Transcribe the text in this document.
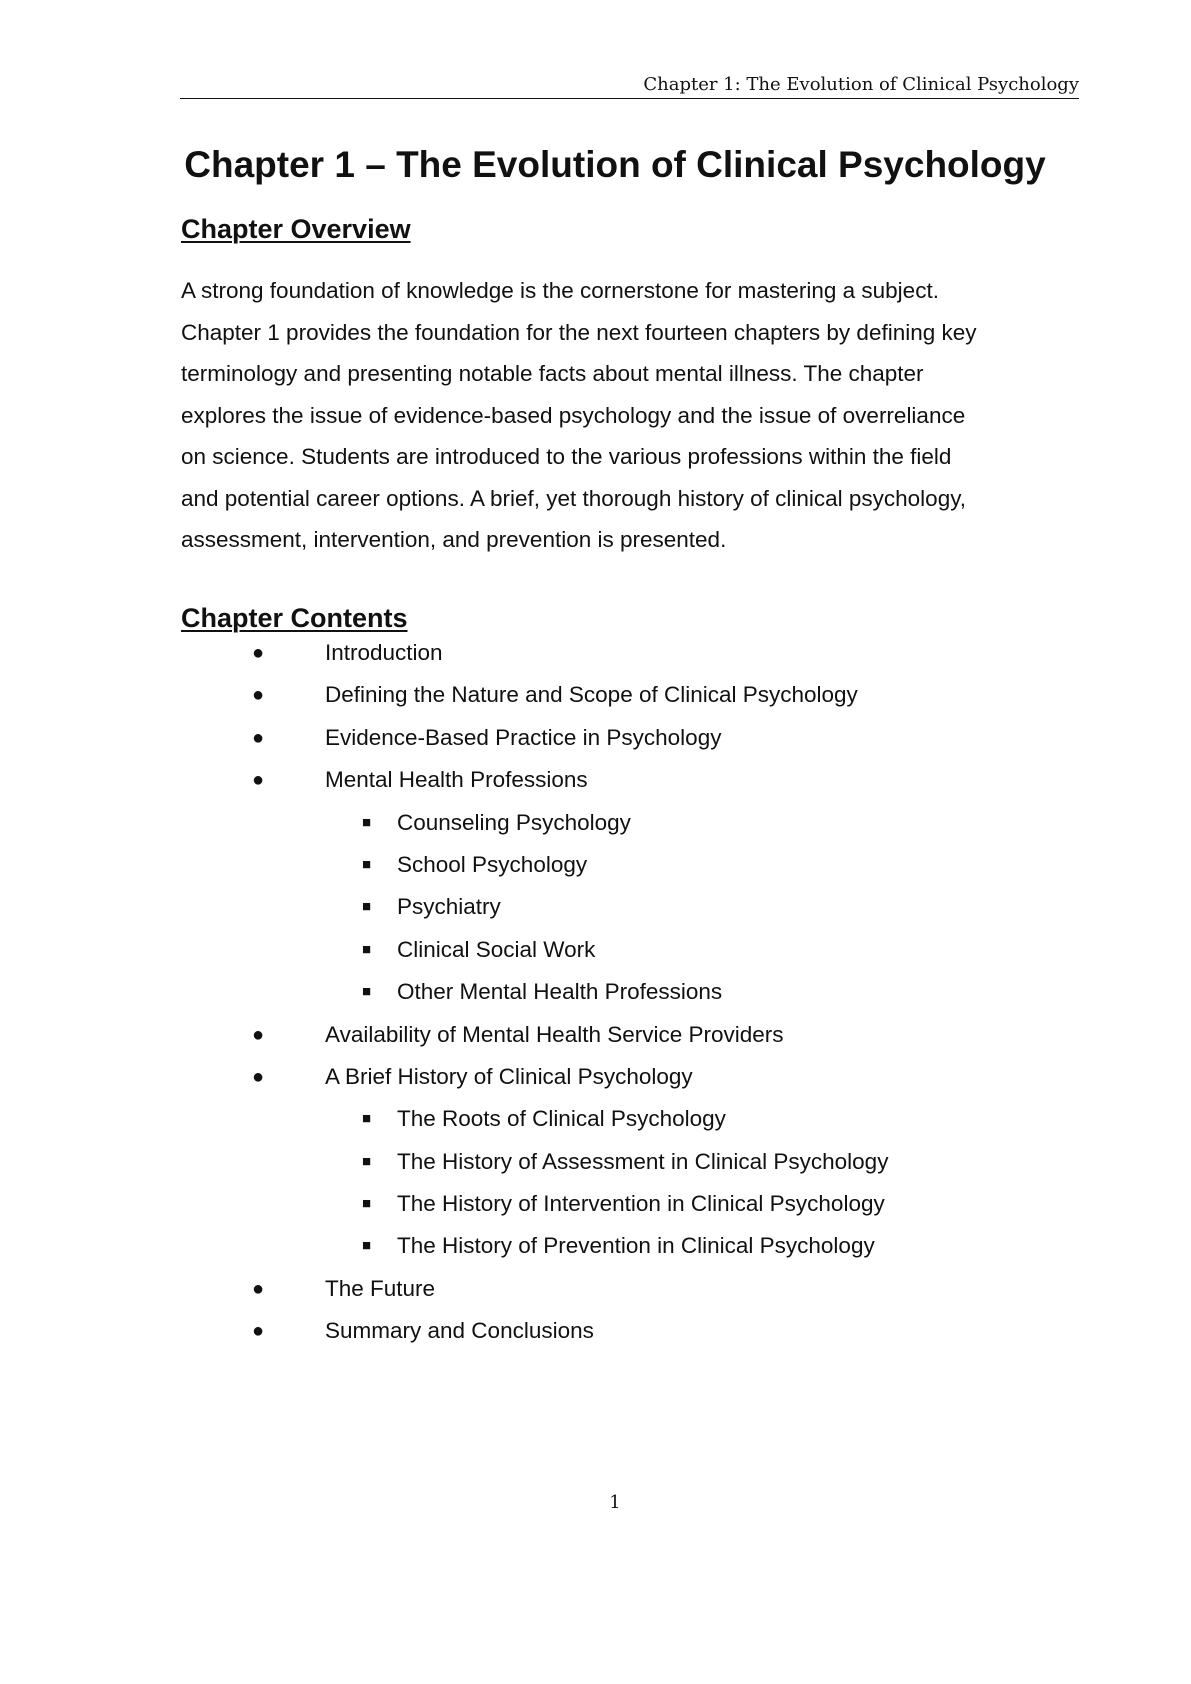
Chapter 1: The Evolution of Clinical Psychology
Chapter 1 – The Evolution of Clinical Psychology
Chapter Overview
A strong foundation of knowledge is the cornerstone for mastering a subject.
Chapter 1 provides the foundation for the next fourteen chapters by defining key
terminology and presenting notable facts about mental illness. The chapter
explores the issue of evidence-based psychology and the issue of overreliance
on science. Students are introduced to the various professions within the field
and potential career options. A brief, yet thorough history of clinical psychology,
assessment, intervention, and prevention is presented.
Chapter Contents
●	Introduction
●	Defining the Nature and Scope of Clinical Psychology
●	Evidence-Based Practice in Psychology
●	Mental Health Professions
■ Counseling Psychology
■ School Psychology
■ Psychiatry
■ Clinical Social Work
■ Other Mental Health Professions
●	Availability of Mental Health Service Providers
●	A Brief History of Clinical Psychology
■ The Roots of Clinical Psychology
■ The History of Assessment in Clinical Psychology
■ The History of Intervention in Clinical Psychology
■ The History of Prevention in Clinical Psychology
●	The Future
●	Summary and Conclusions
1
